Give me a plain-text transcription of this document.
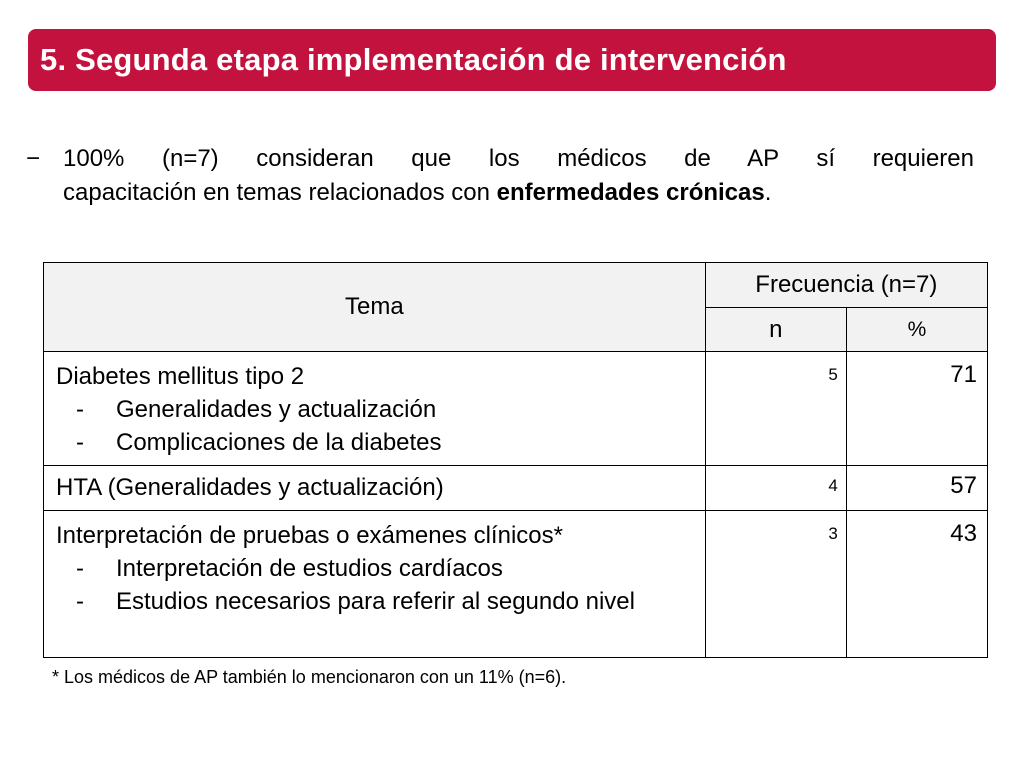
5. Segunda etapa implementación de intervención
− 100% (n=7) consideran que los médicos de AP sí requieren
capacitación en temas relacionados con enfermedades crónicas.
Tema	Frecuencia (n=7)	
	n	%

Diabetes mellitus tipo 2
- Generalidades y actualización
- Complicaciones de la diabetes	5	71

HTA (Generalidades y actualización)	4	57

Interpretación de pruebas o exámenes clínicos*
- Interpretación de estudios cardíacos
- Estudios necesarios para referir al segundo nivel	3	43
* Los médicos de AP también lo mencionaron con un 11% (n=6).
